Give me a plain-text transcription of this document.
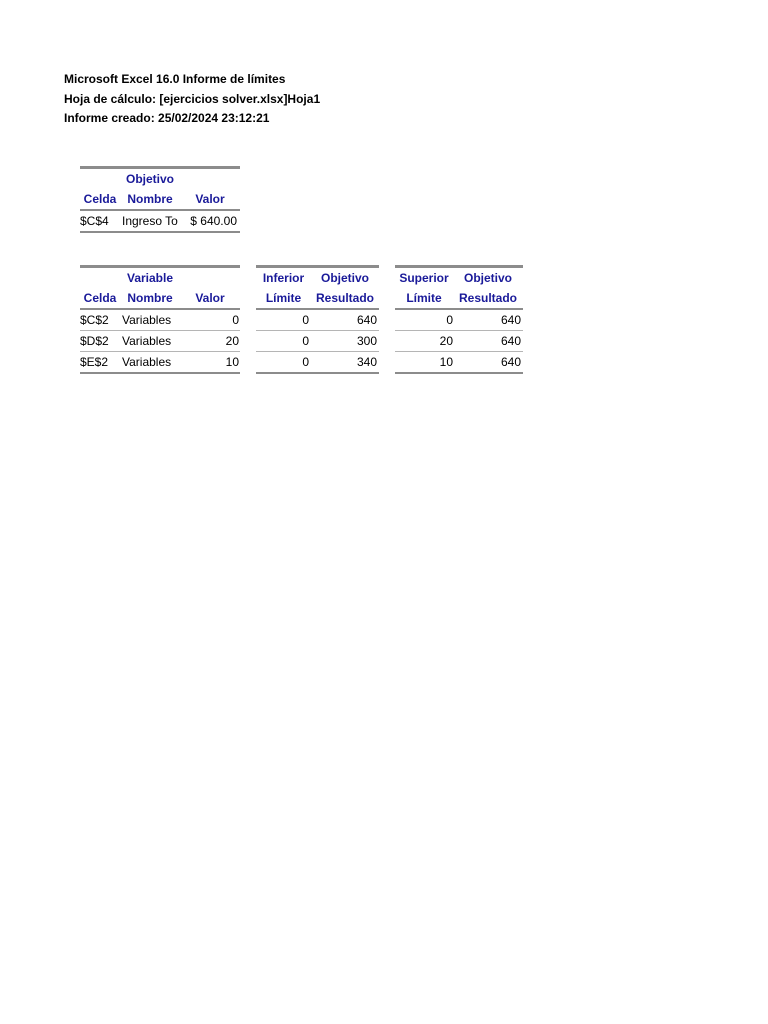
Microsoft Excel 16.0 Informe de límites
Hoja de cálculo: [ejercicios solver.xlsx]Hoja1
Informe creado: 25/02/2024 23:12:21
Objetivo
Celda Nombre	Valor
$C$4	Ingreso To	$ 640.00
Variable
Celda Nombre	Valor
$C$2	Variables	0
$D$2	Variables	20
$E$2	Variables	10
Inferior	Objetivo
Límite	Resultado
0	640
0	300
0	340
Superior	Objetivo
Límite	Resultado
0	640
20	640
10	640
